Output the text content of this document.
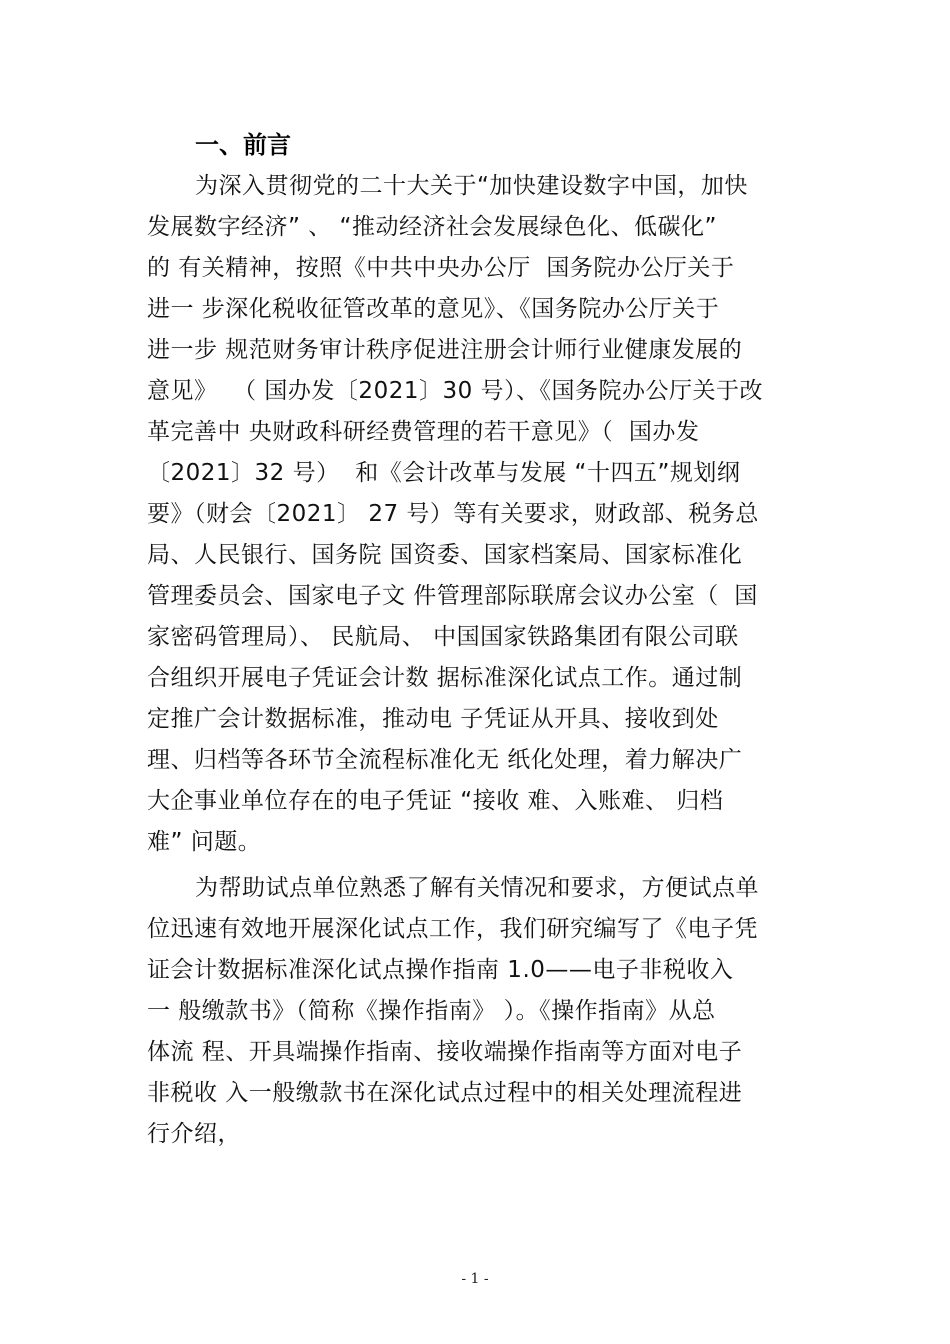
一、前言

为深入贯彻党的二十大关于“加快建设数字中国，加快

发展数字经济” 、 “推动经济社会发展绿色化、低碳化”

的 有关精神，按照《中共中央办公厅  国务院办公厅关于

进一 步深化税收征管改革的意见》、《国务院办公厅关于

进一步 规范财务审计秩序促进注册会计师行业健康发展的

意见》  （ 国办发〔2021〕30 号）、《国务院办公厅关于改

革完善中 央财政科研经费管理的若干意见》（  国办发

〔2021〕32 号）  和《会计改革与发展 “十四五”规划纲

要》（财会〔2021〕 27 号）等有关要求，财政部、税务总

局、人民银行、国务院 国资委、国家档案局、国家标准化

管理委员会、国家电子文 件管理部际联席会议办公室（  国

家密码管理局）、 民航局、 中国国家铁路集团有限公司联

合组织开展电子凭证会计数 据标准深化试点工作。通过制

定推广会计数据标准，推动电 子凭证从开具、接收到处

理、归档等各环节全流程标准化无 纸化处理，着力解决广

大企事业单位存在的电子凭证 “接收 难、入账难、 归档

难” 问题。

为帮助试点单位熟悉了解有关情况和要求，方便试点单

位迅速有效地开展深化试点工作，我们研究编写了《电子凭

证会计数据标准深化试点操作指南 1.0——电子非税收入

一 般缴款书》（简称《操作指南》 ）。《操作指南》从总

体流 程、开具端操作指南、接收端操作指南等方面对电子

非税收 入一般缴款书在深化试点过程中的相关处理流程进

行介绍，

- 1 -
